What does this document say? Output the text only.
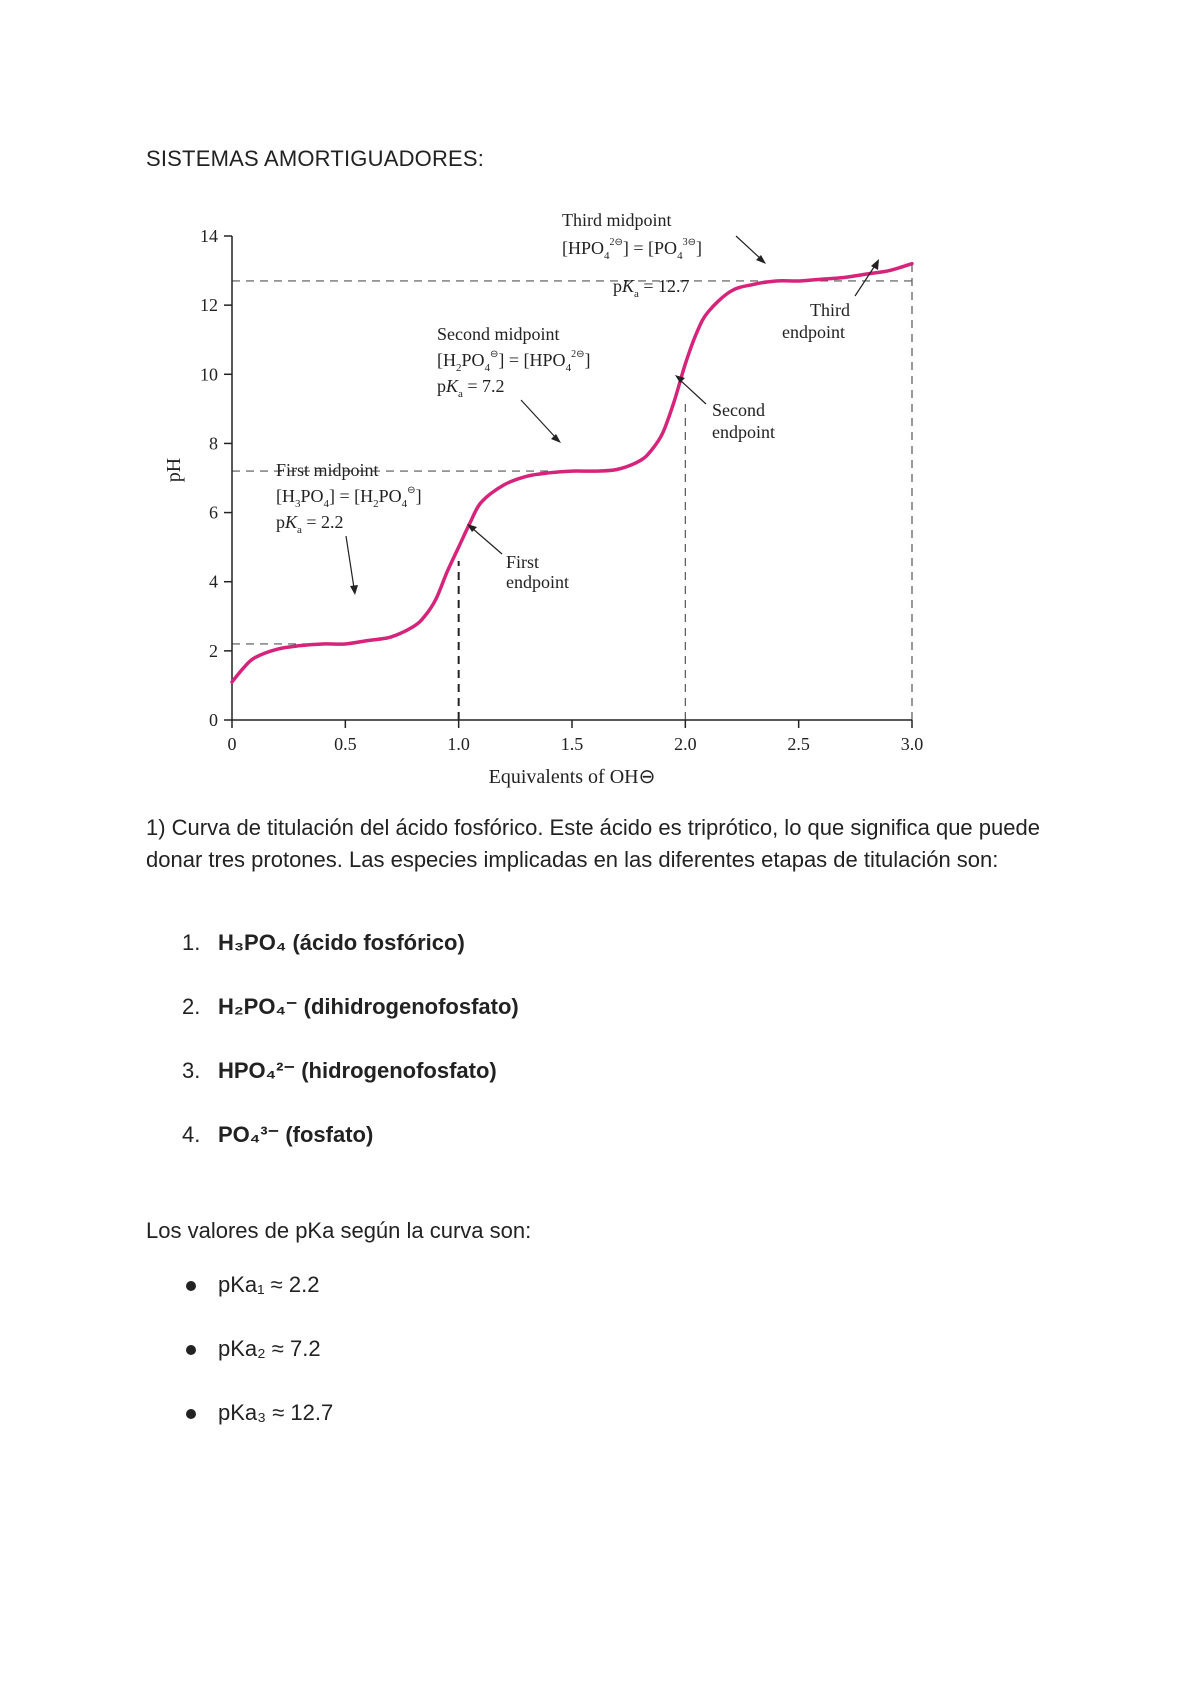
SISTEMAS AMORTIGUADORES:
0
2
4
6
8
10
12
14
0	0.5	1.0	1.5	2.0	2.5	3.0
pH
Equivalents of OH⊖
Third midpoint
$[HPO_4^{2⊖}] = [PO_4^{3⊖}]$
$pK_a = 12.7$
Third
endpoint
Second midpoint
$[H_2PO_4^⊖] = [HPO_4^{2⊖}]$
$pK_a = 7.2$
Second
endpoint
First midpoint
$[H_3PO_4] = [H_2PO_4^⊖]$
$pK_a = 2.2$
First
endpoint

1) Curva de titulación del ácido fosfórico. Este ácido es triprótico, lo que significa que puede donar tres protones. Las especies implicadas en las diferentes etapas de titulación son:

1. H₃PO₄ (ácido fosfórico)
2. H₂PO₄⁻ (dihidrogenofosfato)
3. HPO₄²⁻ (hidrogenofosfato)
4. PO₄³⁻ (fosfato)

Los valores de pKa según la curva son:

pKa₁ ≈ 2.2
pKa₂ ≈ 7.2
pKa₃ ≈ 12.7
